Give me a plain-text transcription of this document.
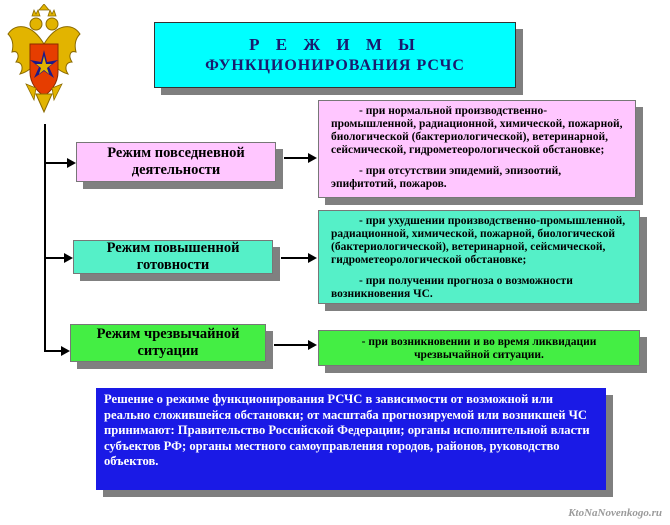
Р Е Ж И М Ы
ФУНКЦИОНИРОВАНИЯ РСЧС
Режим повседневной
деятельности
Режим повышенной
готовности
Режим чрезвычайной
ситуации

- при нормальной производственно-промышленной, радиационной, химической, пожарной, биологической (бактериологической), ветеринарной, сейсмической, гидрометеорологической обстановке;

- при отсутствии эпидемий, эпизоотий, эпифитотий, пожаров.

- при ухудшении производственно-промышленной, радиационной, химической, пожарной, биологической (бактериологической), ветеринарной, сейсмической, гидрометеорологической обстановке;

- при получении прогноза о возможности возникновения ЧС.

- при возникновении и во время ликвидации чрезвычайной ситуации.

Решение о режиме функционирования РСЧС в зависимости от возможной или реально сложившейся обстановки; от масштаба прогнозируемой или возникшей ЧС принимают: Правительство Российской Федерации; органы исполнительной власти субъектов РФ; органы местного самоуправления городов, районов, руководство объектов.
KtoNaNovenkogo.ru
